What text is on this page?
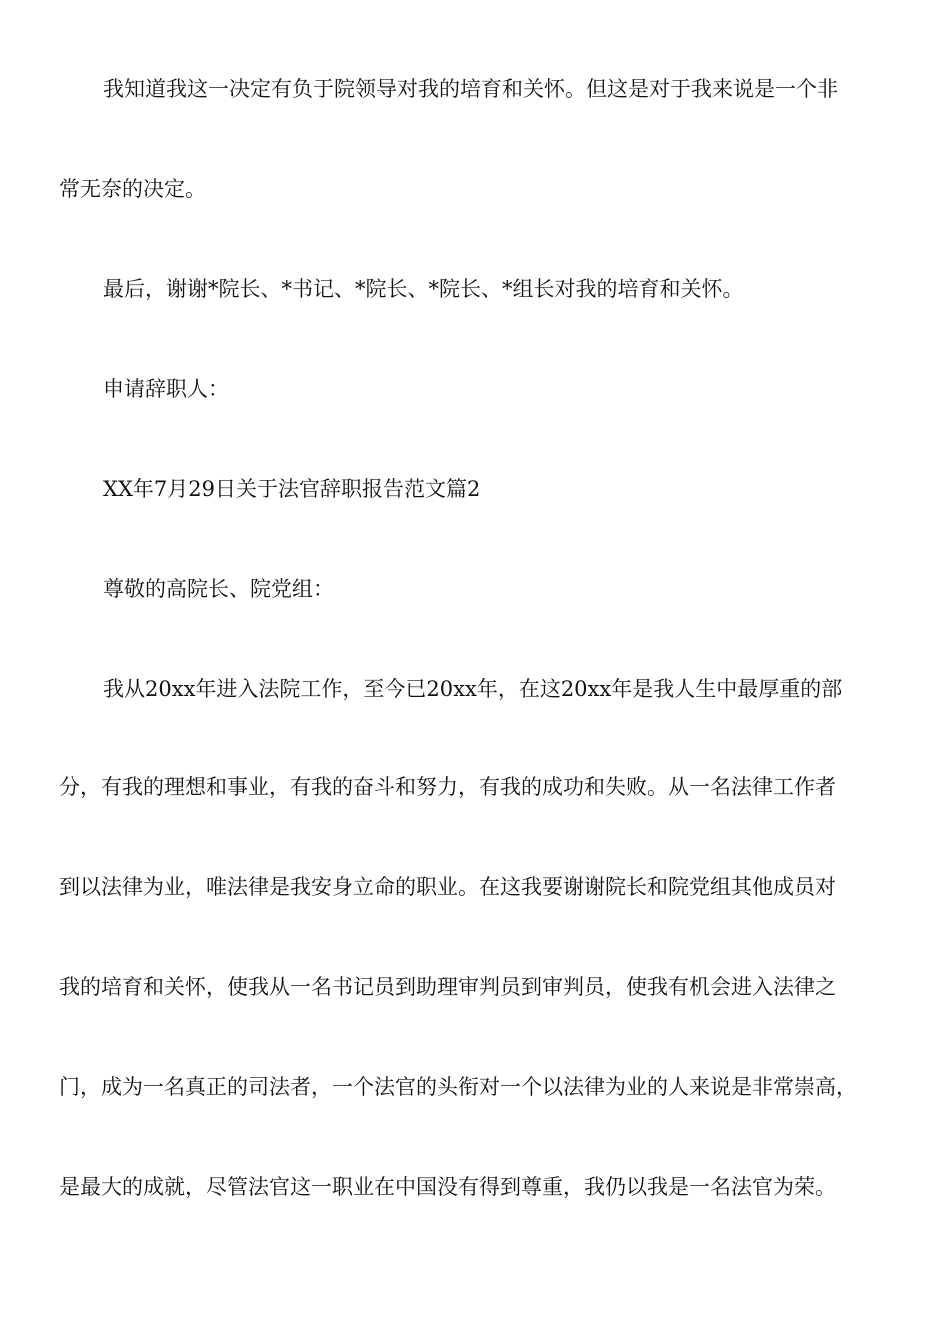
我知道我这一决定有负于院领导对我的培育和关怀。但这是对于我来说是一个非
常无奈的决定。
最后，谢谢*院长、*书记、*院长、*院长、*组长对我的培育和关怀。
申请辞职人：
XX年7月29日关于法官辞职报告范文篇2
尊敬的高院长、院党组：
我从20xx年进入法院工作，至今已20xx年，在这20xx年是我人生中最厚重的部
分，有我的理想和事业，有我的奋斗和努力，有我的成功和失败。从一名法律工作者
到以法律为业，唯法律是我安身立命的职业。在这我要谢谢院长和院党组其他成员对
我的培育和关怀，使我从一名书记员到助理审判员到审判员，使我有机会进入法律之
门，成为一名真正的司法者，一个法官的头衔对一个以法律为业的人来说是非常崇高，
是最大的成就，尽管法官这一职业在中国没有得到尊重，我仍以我是一名法官为荣。
